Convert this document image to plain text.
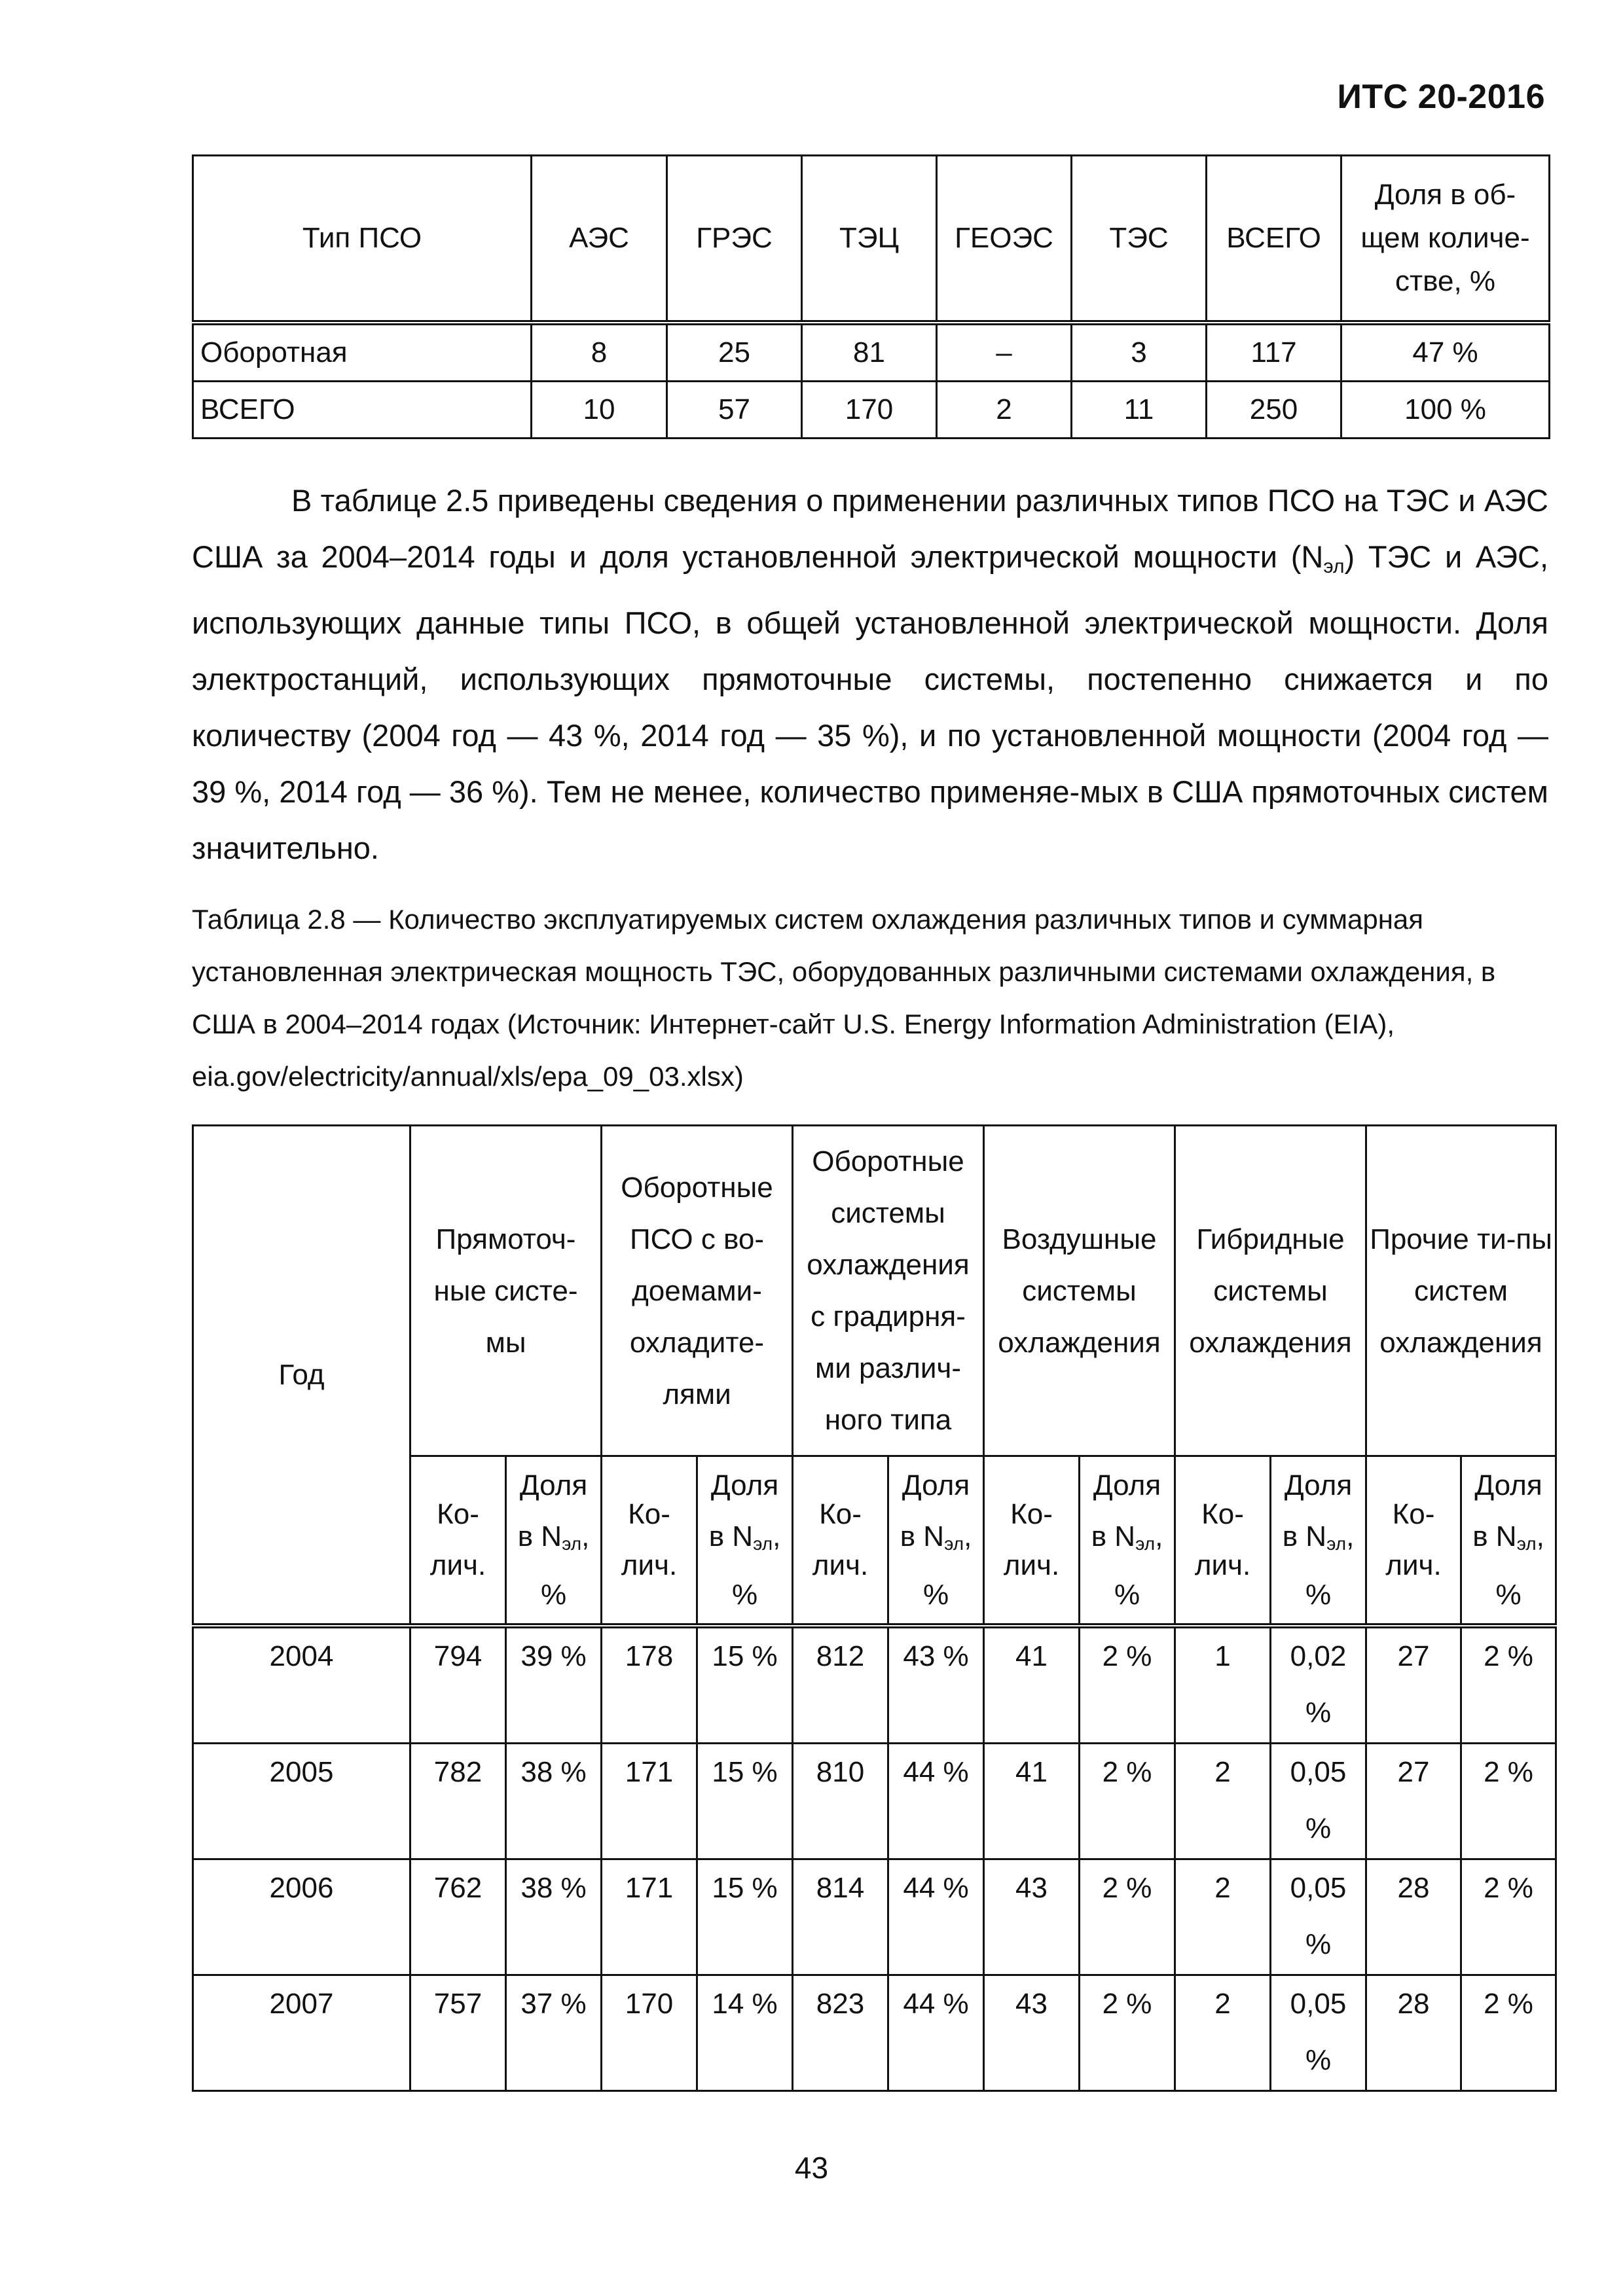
ИТС 20-2016
Тип ПСО	АЭС	ГРЭС	ТЭЦ	ГЕОЭС	ТЭС	ВСЕГО	Доля в об-щем количе-стве, %
Оборотная	8	25	81	–	3	117	47 %
ВСЕГО	10	57	170	2	11	250	100 %

В таблице 2.5 приведены сведения о применении различных типов ПСО на ТЭС и АЭС США за 2004–2014 годы и доля установленной электрической мощности $(N_{эл})$ ТЭС и АЭС, использующих данные типы ПСО, в общей установленной электрической мощности. Доля электростанций, использующих прямоточные системы, постепенно снижается и по количеству (2004 год — 43 %, 2014 год — 35 %), и по установленной мощности (2004 год — 39 %, 2014 год — 36 %). Тем не менее, количество применяе-мых в США прямоточных систем значительно.

Таблица 2.8 — Количество эксплуатируемых систем охлаждения различных типов и суммарная установленная электрическая мощность ТЭС, оборудованных различными системами охлаждения, в США в 2004–2014 годах (Источник: Интернет-сайт U.S. Energy Information Administration (EIA), eia.gov/electricity/annual/xls/epa_09_03.xlsx)
Год	Прямоточ-ные систе-мы		Оборотные ПСО с во-доемами-охладите-лями		Оборотные системы охлаждения с градирня-ми различ-ного типа		Воздушные системы охлаждения		Гибридные системы охлаждения		Прочие ти-пы систем охлаждения	
	Ко-лич.	Доля в $N_{эл}$, %	Ко-лич.	Доля в $N_{эл}$, %	Ко-лич.	Доля в $N_{эл}$, %	Ко-лич.	Доля в $N_{эл}$, %	Ко-лич.	Доля в $N_{эл}$, %	Ко-лич.	Доля в $N_{эл}$, %
2004	794	39 %	178	15 %	812	43 %	41	2 %	1	0,02 %	27	2 %
2005	782	38 %	171	15 %	810	44 %	41	2 %	2	0,05 %	27	2 %
2006	762	38 %	171	15 %	814	44 %	43	2 %	2	0,05 %	28	2 %
2007	757	37 %	170	14 %	823	44 %	43	2 %	2	0,05 %	28	2 %
43
